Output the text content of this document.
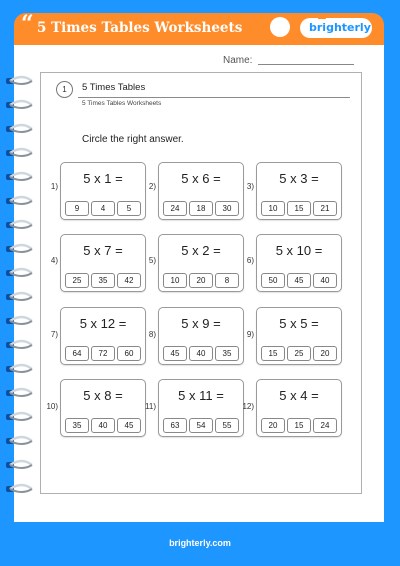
“ 5 Times Tables Worksheets	brighterly
Name:
1	5 Times Tables
5 Times Tables Worksheets
Circle the right answer.
1)
5 x 1 =
9	4	5
2)
5 x 6 =
24	18	30
3)
5 x 3 =
10	15	21
4)
5 x 7 =
25	35	42
5)
5 x 2 =
10	20	8
6)
5 x 10 =
50	45	40
7)
5 x 12 =
64	72	60
8)
5 x 9 =
45	40	35
9)
5 x 5 =
15	25	20
10)
5 x 8 =
35	40	45
11)
5 x 11 =
63	54	55
12)
5 x 4 =
20	15	24
brighterly.com
